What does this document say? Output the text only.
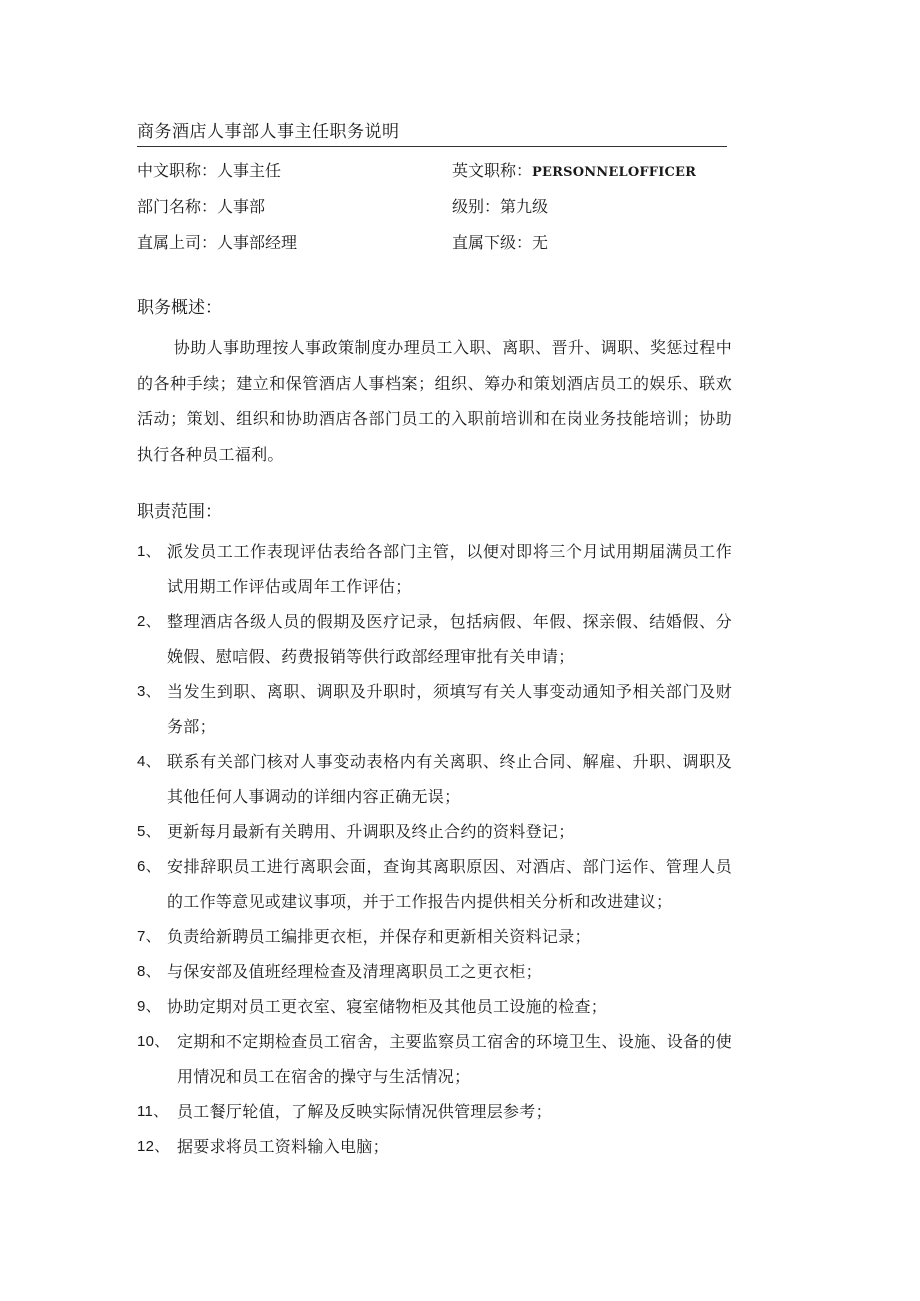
商务酒店人事部人事主任职务说明
中文职称：人事主任	英文职称：PERSONNELOFFICER
部门名称：人事部	级别：第九级
直属上司：人事部经理	直属下级：无
职务概述：
协助人事助理按人事政策制度办理员工入职、离职、晋升、调职、奖惩过程中的各种手续；建立和保管酒店人事档案；组织、筹办和策划酒店员工的娱乐、联欢活动；策划、组织和协助酒店各部门员工的入职前培训和在岗业务技能培训；协助执行各种员工福利。
职责范围：
1、 派发员工工作表现评估表给各部门主管，以便对即将三个月试用期届满员工作试用期工作评估或周年工作评估；
2、 整理酒店各级人员的假期及医疗记录，包括病假、年假、探亲假、结婚假、分娩假、慰唁假、药费报销等供行政部经理审批有关申请；
3、 当发生到职、离职、调职及升职时，须填写有关人事变动通知予相关部门及财务部；
4、 联系有关部门核对人事变动表格内有关离职、终止合同、解雇、升职、调职及其他任何人事调动的详细内容正确无误；
5、 更新每月最新有关聘用、升调职及终止合约的资料登记；
6、 安排辞职员工进行离职会面，查询其离职原因、对酒店、部门运作、管理人员的工作等意见或建议事项，并于工作报告内提供相关分析和改进建议；
7、 负责给新聘员工编排更衣柜，并保存和更新相关资料记录；
8、 与保安部及值班经理检查及清理离职员工之更衣柜；
9、 协助定期对员工更衣室、寝室储物柜及其他员工设施的检查；
10、 定期和不定期检查员工宿舍，主要监察员工宿舍的环境卫生、设施、设备的使用情况和员工在宿舍的操守与生活情况；
11、 员工餐厅轮值，了解及反映实际情况供管理层参考；
12、 据要求将员工资料输入电脑；
